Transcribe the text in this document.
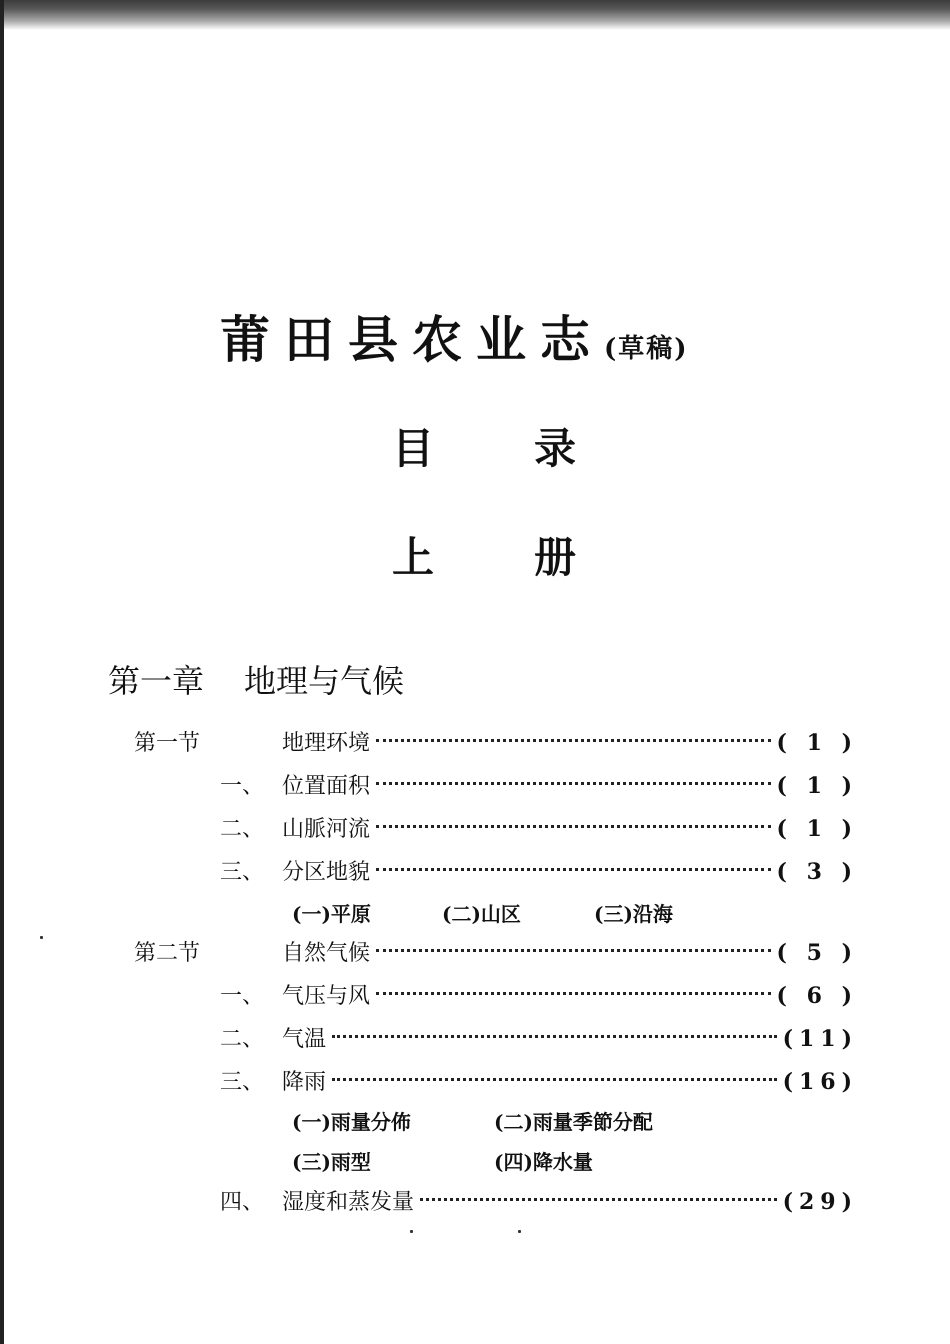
莆田县农业志(草稿)
目 录
上 册
第一章 地理与气候
第一节	地理环境	( 1 )
一、 位置面积	( 1 )
二、 山脈河流	( 1 )
三、 分区地貌	( 3 )
(一)平原	(二)山区	(三)沿海
第二节	自然气候	( 5 )
一、 气压与风	( 6 )
二、 气温	(11)
三、 降雨	(16)
(一)雨量分佈	(二)雨量季節分配
(三)雨型	(四)降水量
四、 湿度和蒸发量	(29)
